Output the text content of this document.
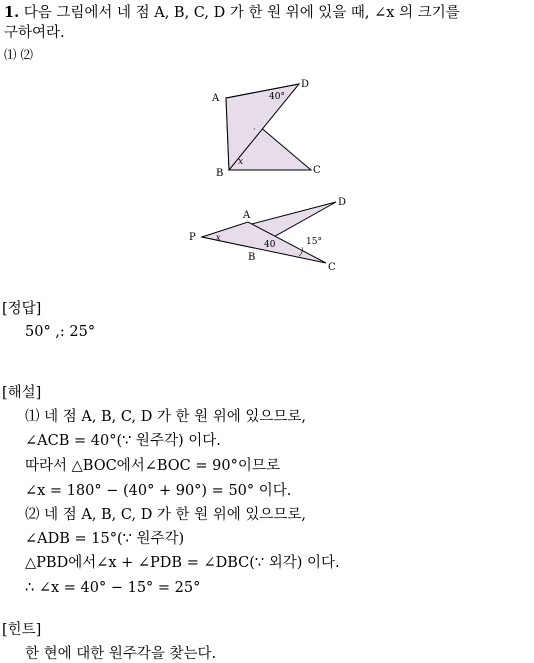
1. 다음 그림에서 네 점 A, B, C, D 가 한 원 위에 있을 때, ∠x 의 크기를
구하여라.
⑴ ⑵
A
D
B	C
40°
x
·
P
A
B
C
D
x
40	15°
[정답]
50° ,: 25°
[해설]
⑴ 네 점 A, B, C, D 가 한 원 위에 있으므로,
∠ACB = 40°(∵ 원주각) 이다.
따라서 △BOC에서∠BOC = 90°이므로
∠x = 180° − (40° + 90°) = 50° 이다.
⑵ 네 점 A, B, C, D 가 한 원 위에 있으므로,
∠ADB = 15°(∵ 원주각)
△PBD에서∠x + ∠PDB = ∠DBC(∵ 외각) 이다.
∴ ∠x = 40° − 15° = 25°
[힌트]
한 현에 대한 원주각을 찾는다.
